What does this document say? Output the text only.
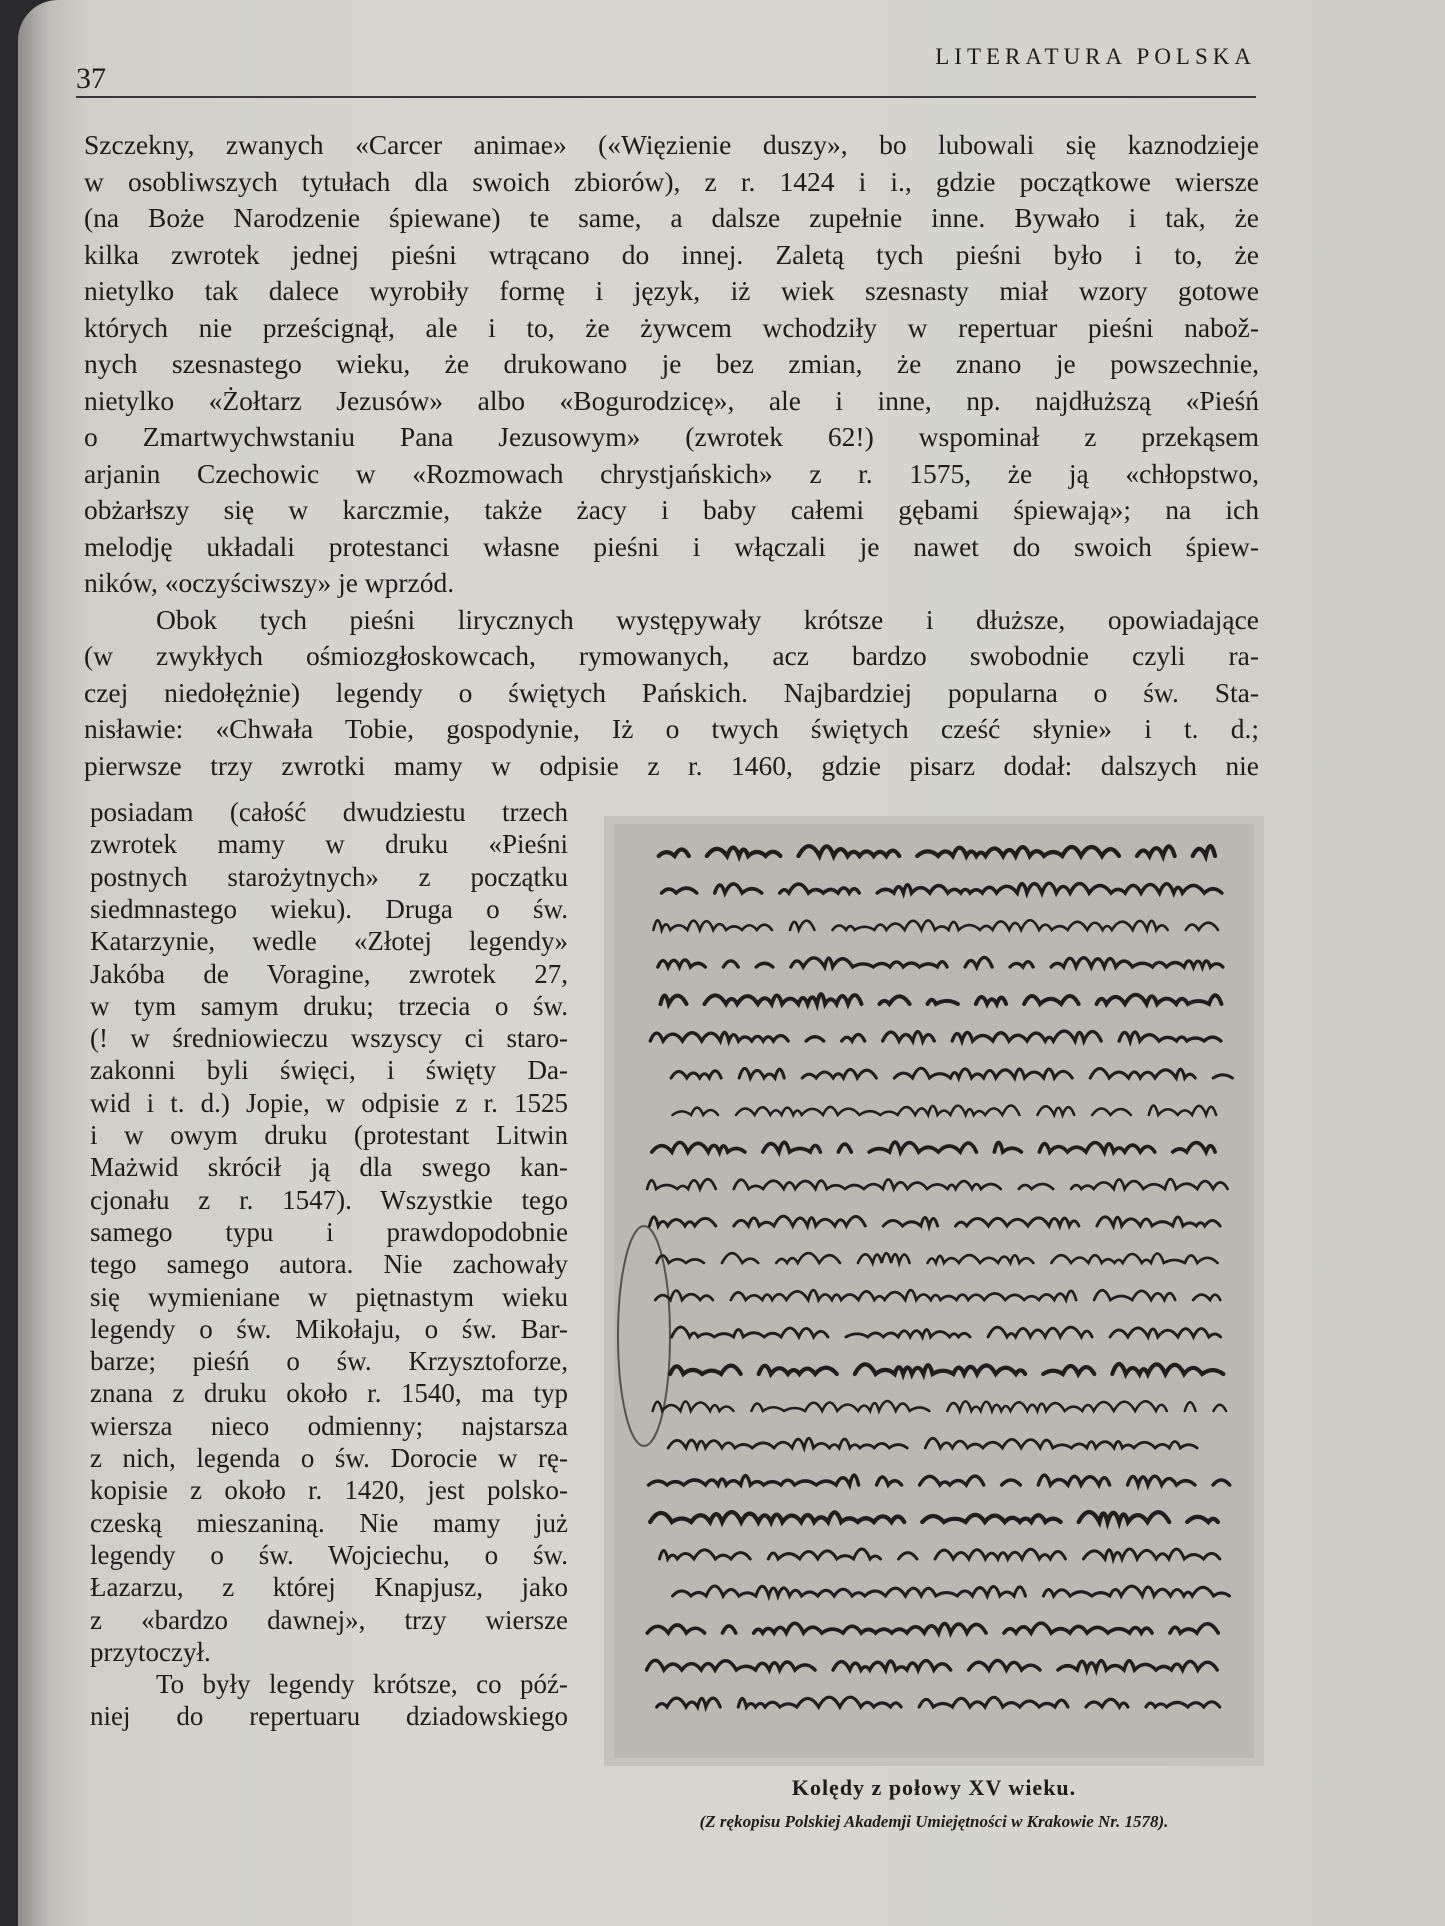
37
LITERATURA POLSKA
Szczekny, zwanych «Carcer animae» («Więzienie duszy», bo lubowali się kaznodzieje
w osobliwszych tytułach dla swoich zbiorów), z r. 1424 i i., gdzie początkowe wiersze
(na Boże Narodzenie śpiewane) te same, a dalsze zupełnie inne. Bywało i tak, że
kilka zwrotek jednej pieśni wtrącano do innej. Zaletą tych pieśni było i to, że
nietylko tak dalece wyrobiły formę i język, iż wiek szesnasty miał wzory gotowe
których nie prześcignął, ale i to, że żywcem wchodziły w repertuar pieśni nabož-
nych szesnastego wieku, że drukowano je bez zmian, że znano je powszechnie,
nietylko «Żołtarz Jezusów» albo «Bogurodzicę», ale i inne, np. najdłuższą «Pieśń
o Zmartwychwstaniu Pana Jezusowym» (zwrotek 62!) wspominał z przekąsem
arjanin Czechowic w «Rozmowach chrystjańskich» z r. 1575, że ją «chłopstwo,
obżarłszy się w karczmie, także żacy i baby całemi gębami śpiewają»; na ich
melodję układali protestanci własne pieśni i włączali je nawet do swoich śpiew-
ników, «oczyściwszy» je wprzód.
Obok tych pieśni lirycznych występywały krótsze i dłuższe, opowiadające
(w zwykłych ośmiozgłoskowcach, rymowanych, acz bardzo swobodnie czyli ra-
czej niedołężnie) legendy o świętych Pańskich. Najbardziej popularna o św. Sta-
nisławie: «Chwała Tobie, gospodynie, Iż o twych świętych cześć słynie» i t. d.;
pierwsze trzy zwrotki mamy w odpisie z r. 1460, gdzie pisarz dodał: dalszych nie
posiadam (całość dwudziestu trzech
zwrotek mamy w druku «Pieśni
postnych starożytnych» z początku
siedmnastego wieku). Druga o św.
Katarzynie, wedle «Złotej legendy»
Jakóba de Voragine, zwrotek 27,
w tym samym druku; trzecia o św.
(! w średniowieczu wszyscy ci staro-
zakonni byli święci, i święty Da-
wid i t. d.) Jopie, w odpisie z r. 1525
i w owym druku (protestant Litwin
Mażwid skrócił ją dla swego kan-
cjonału z r. 1547). Wszystkie tego
samego typu i prawdopodobnie
tego samego autora. Nie zachowały
się wymieniane w piętnastym wieku
legendy o św. Mikołaju, o św. Bar-
barze; pieśń o św. Krzysztoforze,
znana z druku około r. 1540, ma typ
wiersza nieco odmienny; najstarsza
z nich, legenda o św. Dorocie w rę-
kopisie z około r. 1420, jest polsko-
czeską mieszaniną. Nie mamy już
legendy o św. Wojciechu, o św.
Łazarzu, z której Knapjusz, jako
z «bardzo dawnej», trzy wiersze
przytoczył.
To były legendy krótsze, co póź-
niej do repertuaru dziadowskiego
Kolędy z połowy XV wieku.
(Z rękopisu Polskiej Akademji Umiejętności w Krakowie Nr. 1578).
